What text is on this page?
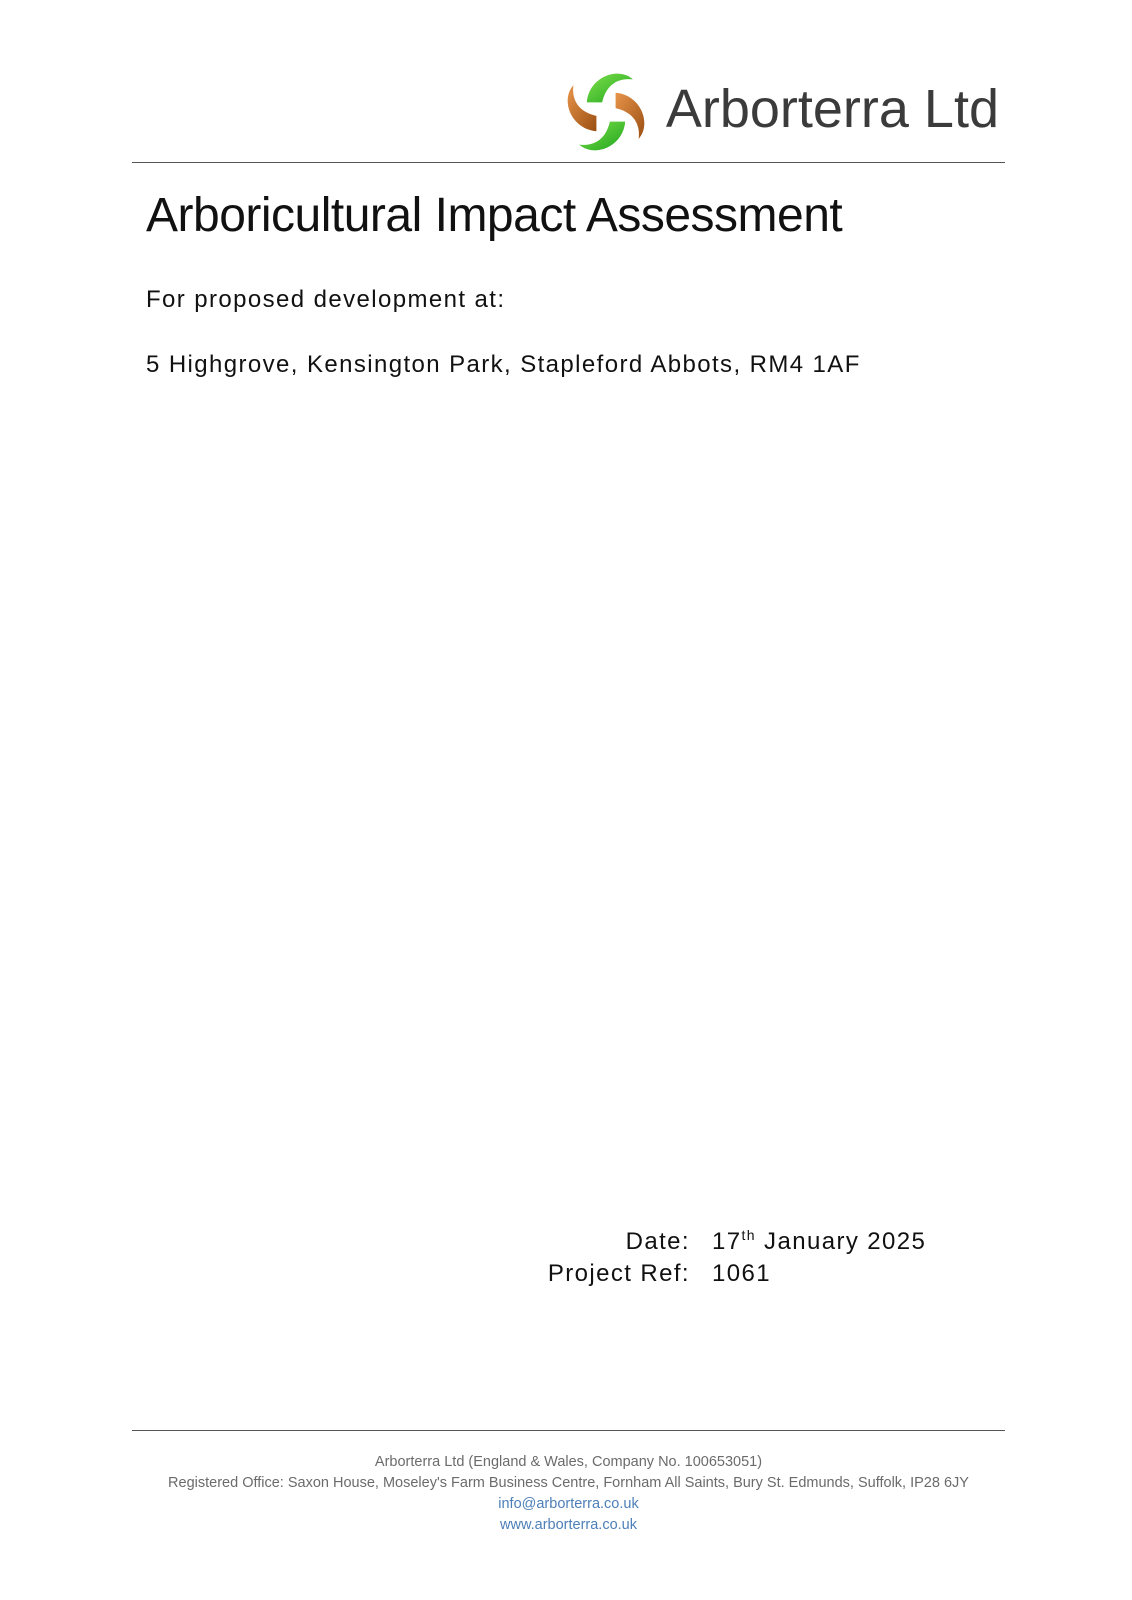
Arborterra Ltd
Arboricultural Impact Assessment
For proposed development at:
5 Highgrove, Kensington Park, Stapleford Abbots, RM4 1AF
Date: 17th January 2025
Project Ref: 1061
Arborterra Ltd (England & Wales, Company No. 100653051)
Registered Office: Saxon House, Moseley's Farm Business Centre, Fornham All Saints, Bury St. Edmunds, Suffolk, IP28 6JY
info@arborterra.co.uk
www.arborterra.co.uk
